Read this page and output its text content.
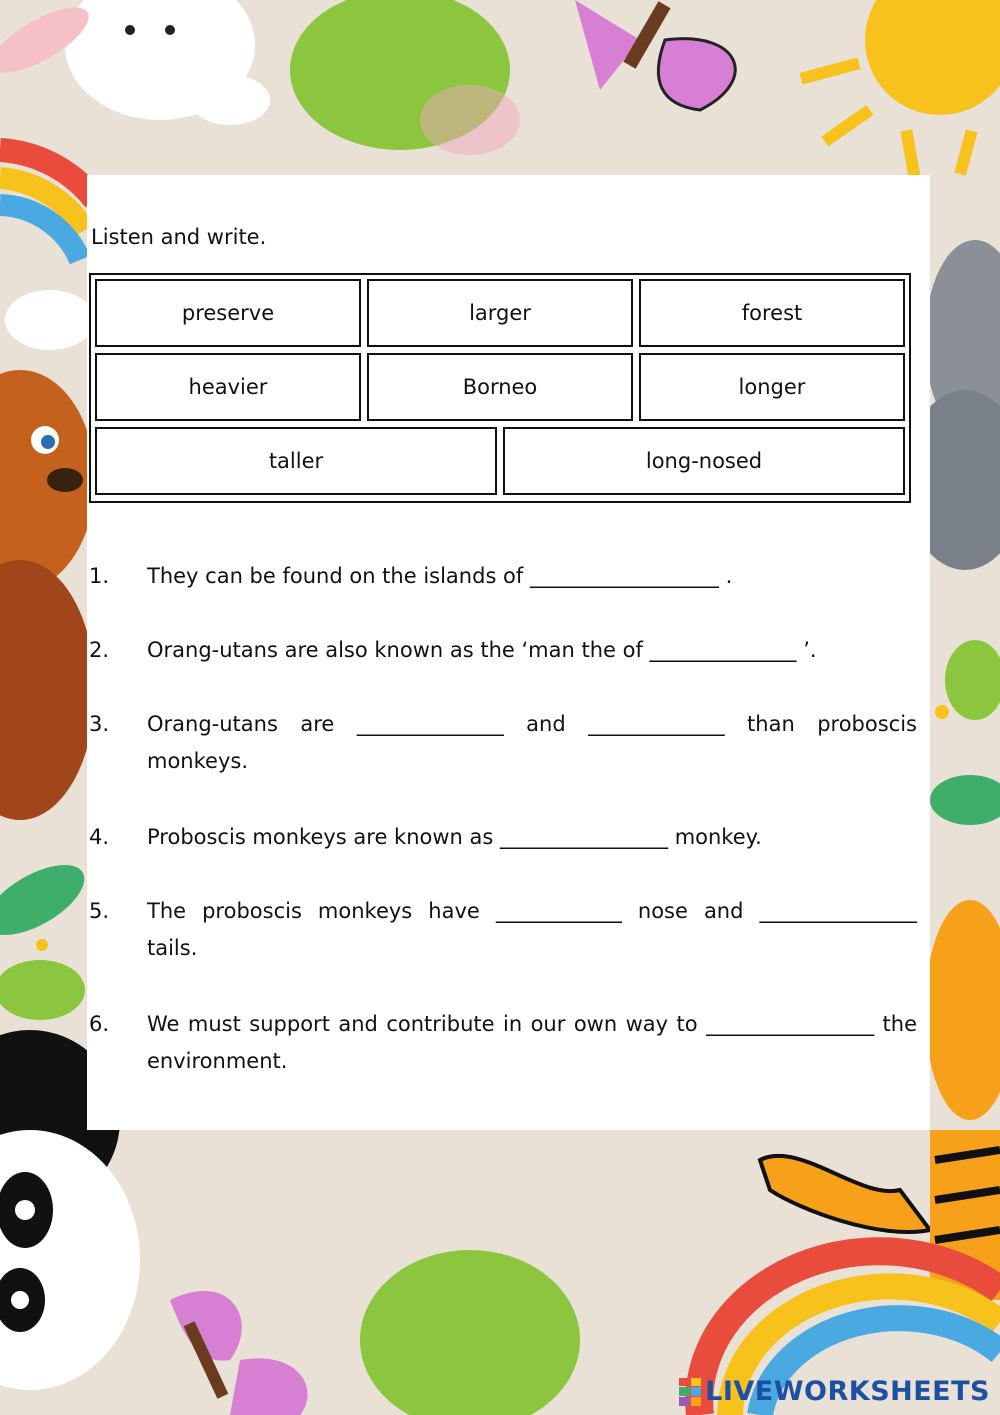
Listen and write.
preserve	larger	forest
heavier	Borneo	longer
taller	long-nosed
1. They can be found on the islands of __________________ .
2. Orang-utans are also known as the ‘man the of ______________ ’.
3. Orang-utans are ______________ and _____________ than proboscis
monkeys.
4. Proboscis monkeys are known as ________________ monkey.
5. The proboscis monkeys have ____________ nose and _______________
tails.
6. We must support and contribute in our own way to ________________ the
environment.
LIVEWORKSHEETS
